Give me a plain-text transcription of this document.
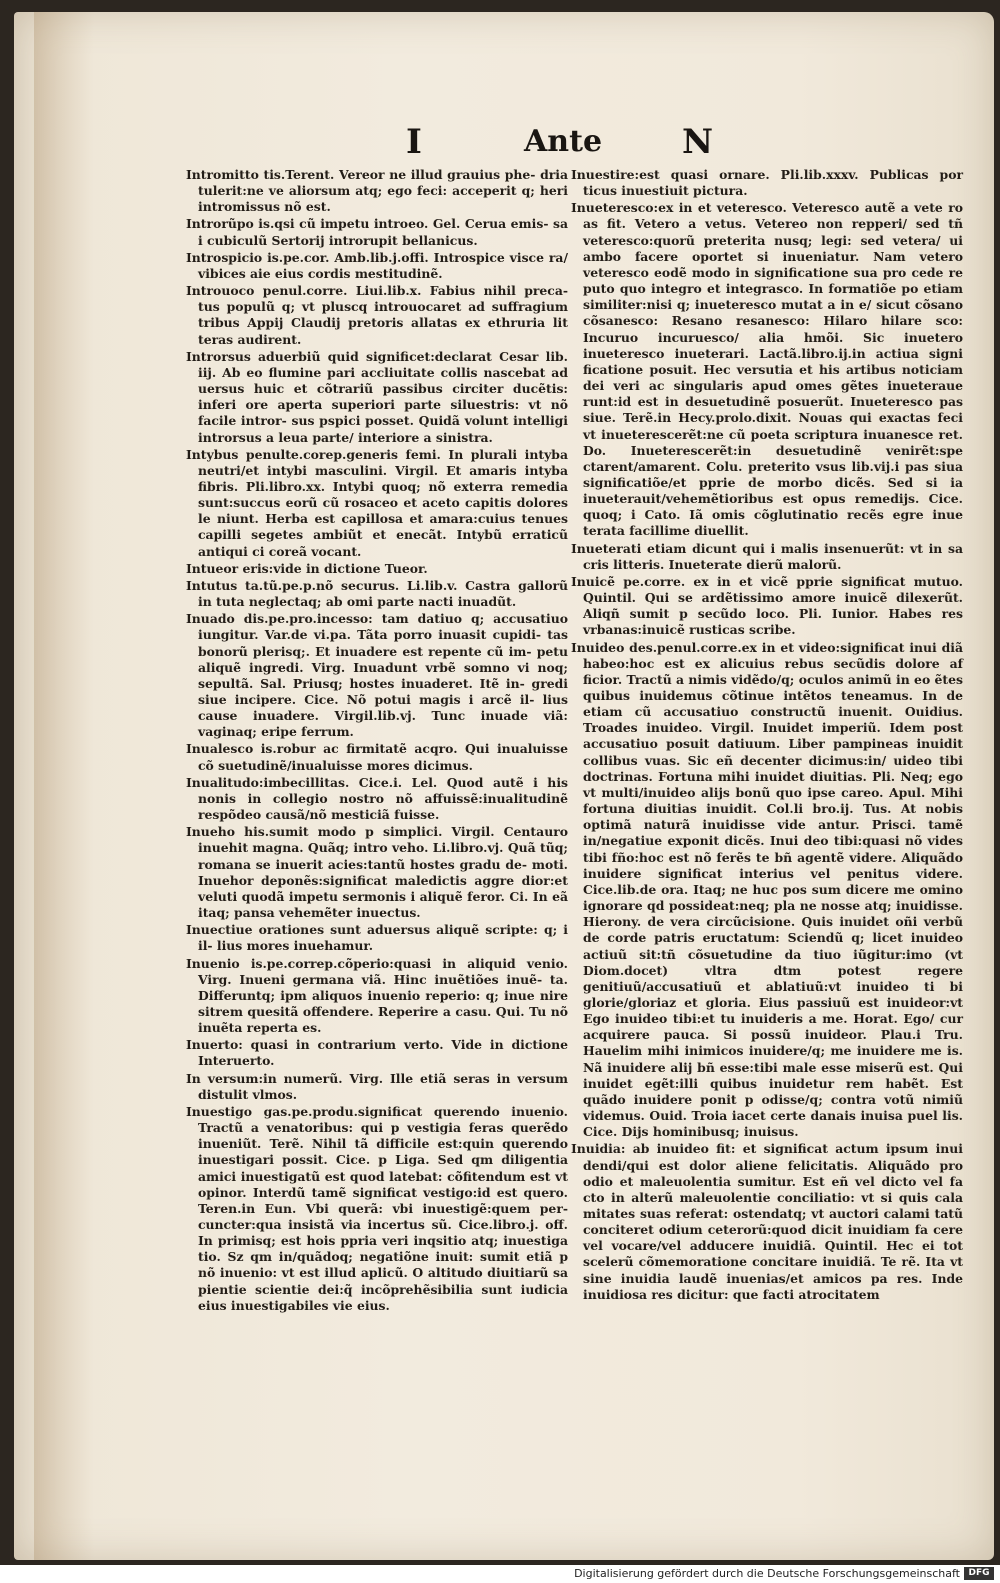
I	Ante N

Intromitto tis.Terent. Vereor ne illud grauius phe- dria tulerit:ne ve aliorsum atq; ego feci: acceperit q; heri intromissus nõ est.

Introrũpo is.qsi cũ impetu introeo. Gel. Cerua emis- sa i cubiculũ Sertorij introrupit bellanicus.

Introspicio is.pe.cor. Amb.lib.j.offi. Introspice visce ra/ vibices aie eius cordis mestitudinẽ.

Introuoco penul.corre. Liui.lib.x. Fabius nihil preca- tus populũ q; vt pluscq introuocaret ad suffragium tribus Appij Claudij pretoris allatas ex ethruria lit teras audirent.

Introrsus aduerbiũ quid significet:declarat Cesar lib. iij. Ab eo flumine pari accliuitate collis nascebat ad uersus huic et cõtrariũ passibus circiter ducẽtis: inferi ore aperta superiori parte siluestris: vt nõ facile intror- sus pspici posset. Quidã volunt intelligi introrsus a leua parte/ interiore a sinistra.

Intybus penulte.corep.generis femi. In plurali intyba neutri/et intybi masculini. Virgil. Et amaris intyba fibris. Pli.libro.xx. Intybi quoq; nõ exterra remedia sunt:succus eorũ cũ rosaceo et aceto capitis dolores le niunt. Herba est capillosa et amara:cuius tenues capilli segetes ambiũt et enecãt. Intybũ erraticũ antiqui ci coreã vocant.

Intueor eris:vide in dictione Tueor.

Intutus ta.tũ.pe.p.nõ securus. Li.lib.v. Castra gallorũ in tuta neglectaq; ab omi parte nacti inuadũt.

Inuado dis.pe.pro.incesso: tam datiuo q; accusatiuo iungitur. Var.de vi.pa. Tãta porro inuasit cupidi- tas bonorũ plerisq;. Et inuadere est repente cũ im- petu aliquẽ ingredi. Virg. Inuadunt vrbẽ somno vi noq; sepultã. Sal. Priusq; hostes inuaderet. Itẽ in- gredi siue incipere. Cice. Nõ potui magis i arcẽ il- lius cause inuadere. Virgil.lib.vj. Tunc inuade viã: vaginaq; eripe ferrum.

Inualesco is.robur ac firmitatẽ acqro. Qui inualuisse cõ suetudinẽ/inualuisse mores dicimus.

Inualitudo:imbecillitas. Cice.i. Lel. Quod autẽ i his nonis in collegio nostro nõ affuissẽ:inualitudinẽ respõdeo causã/nõ mesticiã fuisse.

Inueho his.sumit modo p simplici. Virgil. Centauro inuehit magna. Quãq; intro veho. Li.libro.vj. Quã tũq; romana se inuerit acies:tantũ hostes gradu de- moti. Inuehor deponẽs:significat maledictis aggre dior:et veluti quodã impetu sermonis i aliquẽ feror. Ci. In eã itaq; pansa vehemẽter inuectus.

Inuectiue orationes sunt aduersus aliquẽ scripte: q; i il- lius mores inuehamur.

Inuenio is.pe.correp.cõperio:quasi in aliquid venio. Virg. Inueni germana viã. Hinc inuẽtiões inuẽ- ta. Differuntq; ipm aliquos inuenio reperio: q; inue nire sitrem quesitã offendere. Reperire a casu. Qui. Tu nõ inuẽta reperta es.

Inuerto: quasi in contrarium verto. Vide in dictione Interuerto.

In versum:in numerũ. Virg. Ille etiã seras in versum distulit vlmos.

Inuestigo gas.pe.produ.significat querendo inuenio. Tractũ a venatoribus: qui p vestigia feras querẽdo inueniũt. Terẽ. Nihil tã difficile est:quin querendo inuestigari possit. Cice. p Liga. Sed qm diligentia amici inuestigatũ est quod latebat: cõfitendum est vt opinor. Interdũ tamẽ significat vestigo:id est quero. Teren.in Eun. Vbi querã: vbi inuestigẽ:quem per- cuncter:qua insistã via incertus sũ. Cice.libro.j. off. In primisq; est hois ppria veri inqsitio atq; inuestiga tio. Sz qm in/quãdoq; negatiõne inuit: sumit etiã p nõ inuenio: vt est illud aplicũ. O altitudo diuitiarũ sa pientie scientie dei:q̃ incõprehẽsibilia sunt iudicia eius inuestigabiles vie eius.

Inuestire:est quasi ornare. Pli.lib.xxxv. Publicas por ticus inuestiuit pictura.

Inueteresco:ex in et veteresco. Veteresco autẽ a vete ro as fit. Vetero a vetus. Vetereo non repperi/ sed tñ veteresco:quorũ preterita nusq; legi: sed vetera/ ui ambo facere oportet si inueniatur. Nam vetero veteresco eodẽ modo in significatione sua pro cede re puto quo integro et integrasco. In formatiõe po etiam similiter:nisi q; inueteresco mutat a in e/ sicut cõsano cõsanesco: Resano resanesco: Hilaro hilare sco: Incuruo incuruesco/ alia hmõi. Sic inuetero inueteresco inueterari. Lactã.libro.ij.in actiua signi ficatione posuit. Hec versutia et his artibus noticiam dei veri ac singularis apud omes gẽtes inueteraue runt:id est in desuetudinẽ posuerũt. Inueteresco pas siue. Terẽ.in Hecy.prolo.dixit. Nouas qui exactas feci vt inueterescerẽt:ne cũ poeta scriptura inuanesce ret. Do. Inueterescerẽt:in desuetudinẽ venirẽt:spe ctarent/amarent. Colu. preterito vsus lib.vij.i pas siua significatiõe/et pprie de morbo dicẽs. Sed si ia inueterauit/vehemẽtioribus est opus remedijs. Cice. quoq; i Cato. Iã omis cõglutinatio recẽs egre inue terata facillime diuellit.

Inueterati etiam dicunt qui i malis insenuerũt: vt in sa cris litteris. Inueterate dierũ malorũ.

Inuicẽ pe.corre. ex in et vicẽ pprie significat mutuo. Quintil. Qui se ardẽtissimo amore inuicẽ dilexerũt. Aliqñ sumit p secũdo loco. Pli. Iunior. Habes res vrbanas:inuicẽ rusticas scribe.

Inuideo des.penul.corre.ex in et video:significat inui diã habeo:hoc est ex alicuius rebus secũdis dolore af ficior. Tractũ a nimis vidẽdo/q; oculos animũ in eo ẽtes quibus inuidemus cõtinue intẽtos teneamus. In de etiam cũ accusatiuo constructũ inuenit. Ouidius. Troades inuideo. Virgil. Inuidet imperiũ. Idem post accusatiuo posuit datiuum. Liber pampineas inuidit collibus vuas. Sic eñ decenter dicimus:in/ uideo tibi doctrinas. Fortuna mihi inuidet diuitias. Pli. Neq; ego vt multi/inuideo alijs bonũ quo ipse careo. Apul. Mihi fortuna diuitias inuidit. Col.li bro.ij. Tus. At nobis optimã naturã inuidisse vide antur. Prisci. tamẽ in/negatiue exponit dicẽs. Inui deo tibi:quasi nõ vides tibi fño:hoc est nõ ferẽs te bñ agentẽ videre. Aliquãdo inuidere significat interius vel penitus videre. Cice.lib.de ora. Itaq; ne huc pos sum dicere me omino ignorare qd possideat:neq; pla ne nosse atq; inuidisse. Hierony. de vera circũcisione. Quis inuidet oñi verbũ de corde patris eructatum: Sciendũ q; licet inuideo actiuũ sit:tñ cõsuetudine da tiuo iũgitur:imo (vt Diom.docet) vltra dtm potest regere genitiuũ/accusatiuũ et ablatiuũ:vt inuideo ti bi glorie/gloriaz et gloria. Eius passiuũ est inuideor:vt Ego inuideo tibi:et tu inuideris a me. Horat. Ego/ cur acquirere pauca. Si possũ inuideor. Plau.i Tru. Hauelim mihi inimicos inuidere/q; me inuidere me is. Nã inuidere alij bñ esse:tibi male esse miserũ est. Qui inuidet egẽt:illi quibus inuidetur rem habẽt. Est quãdo inuidere ponit p odisse/q; contra votũ nimiũ videmus. Ouid. Troia iacet certe danais inuisa puel lis. Cice. Dijs hominibusq; inuisus.

Inuidia: ab inuideo fit: et significat actum ipsum inui dendi/qui est dolor aliene felicitatis. Aliquãdo pro odio et maleuolentia sumitur. Est eñ vel dicto vel fa cto in alterũ maleuolentie conciliatio: vt si quis cala mitates suas referat: ostendatq; vt auctori calami tatũ conciteret odium ceterorũ:quod dicit inuidiam fa cere vel vocare/vel adducere inuidiã. Quintil. Hec ei tot scelerũ cõmemoratione concitare inuidiã. Te rẽ. Ita vt sine inuidia laudẽ inuenias/et amicos pa res. Inde inuidiosa res dicitur: que facti atrocitatem

Digitalisierung gefördert durch die Deutsche Forschungsgemeinschaft DFG
